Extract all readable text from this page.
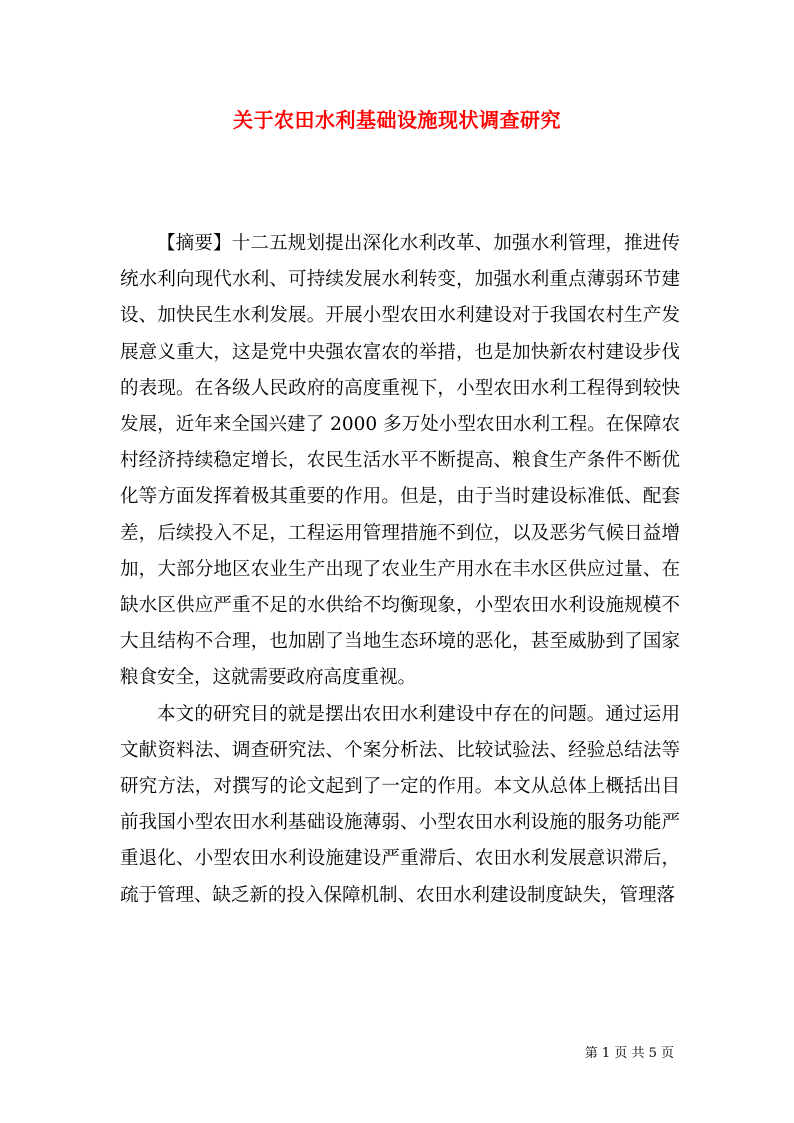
关于农田水利基础设施现状调查研究

【摘要】十二五规划提出深化水利改革、加强水利管理，推进传统水利向现代水利、可持续发展水利转变，加强水利重点薄弱环节建设、加快民生水利发展。开展小型农田水利建设对于我国农村生产发展意义重大，这是党中央强农富农的举措，也是加快新农村建设步伐的表现。在各级人民政府的高度重视下，小型农田水利工程得到较快发展，近年来全国兴建了 2000 多万处小型农田水利工程。在保障农村经济持续稳定增长，农民生活水平不断提高、粮食生产条件不断优化等方面发挥着极其重要的作用。但是，由于当时建设标准低、配套差，后续投入不足，工程运用管理措施不到位，以及恶劣气候日益增加，大部分地区农业生产出现了农业生产用水在丰水区供应过量、在缺水区供应严重不足的水供给不均衡现象，小型农田水利设施规模不大且结构不合理，也加剧了当地生态环境的恶化，甚至威胁到了国家粮食安全，这就需要政府高度重视。

本文的研究目的就是摆出农田水利建设中存在的问题。通过运用文献资料法、调查研究法、个案分析法、比较试验法、经验总结法等研究方法，对撰写的论文起到了一定的作用。本文从总体上概括出目前我国小型农田水利基础设施薄弱、小型农田水利设施的服务功能严重退化、小型农田水利设施建设严重滞后、农田水利发展意识滞后，疏于管理、缺乏新的投入保障机制、农田水利建设制度缺失，管理落

第 1 页 共 5 页
